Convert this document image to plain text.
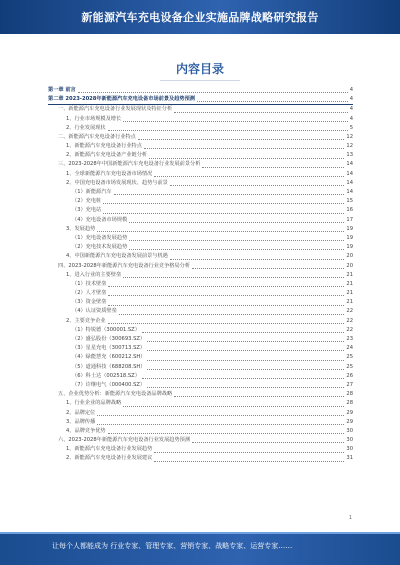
新能源汽车充电设备企业实施品牌战略研究报告
内容目录
第一章 前言	4
第二章 2023-2028年新能源汽车充电设备市场前景及趋势预测	4
一、新能源汽车充电设备行业发展现状及特征分析	4
1、行业市场规模及增长	4
2、行业发展现状	5
二、新能源汽车充电设备行业特点	12
1、新能源汽车充电设备行业特点	12
2、新能源汽车充电设备产业链分析	13
三、2023-2028年中国新能源汽车充电设备行业发展前景分析	14
1、全球新能源汽车充电设备市场情况	14
2、中国充电设备市场发展现状、趋势与前景	14
（1）新能源汽车	14
（2）充电桩	15
（3）充电站	16
（4）充电设备市场规模	17
3、发展趋势	19
（1）充电设备发展趋势	19
（2）充电技术发展趋势	19
4、中国新能源汽车充电设备发展前景与机遇	20
四、2023-2028年新能源汽车充电设备行业竞争格局分析	20
1、进入行业的主要壁垒	21
（1）技术壁垒	21
（2）人才壁垒	21
（3）资金壁垒	21
（4）认证资质壁垒	22
2、主要竞争企业	22
（1）特锐德（300001.SZ）	22
（2）盛弘股份（300693.SZ）	23
（3）星星充电（300713.SZ）	24
（4）绿能慧充（600212.SH）	25
（5）道通科技（688208.SH）	25
（6）科士达（002518.SZ）	26
（7）许继电气（000400.SZ）	27
五、企业优势分析：新能源汽车充电设备品牌战略	28
1、行业企业的品牌战略	28
2、品牌定位	29
3、品牌传播	29
4、品牌竞争优势	30
六、2023-2028年新能源汽车充电设备行业发展趋势预测	30
1、新能源汽车充电设备行业发展趋势	30
2、新能源汽车充电设备行业发展建议	31
1
让每个人都能成为 行业专家、管理专家、营销专家、战略专家、运营专家……
